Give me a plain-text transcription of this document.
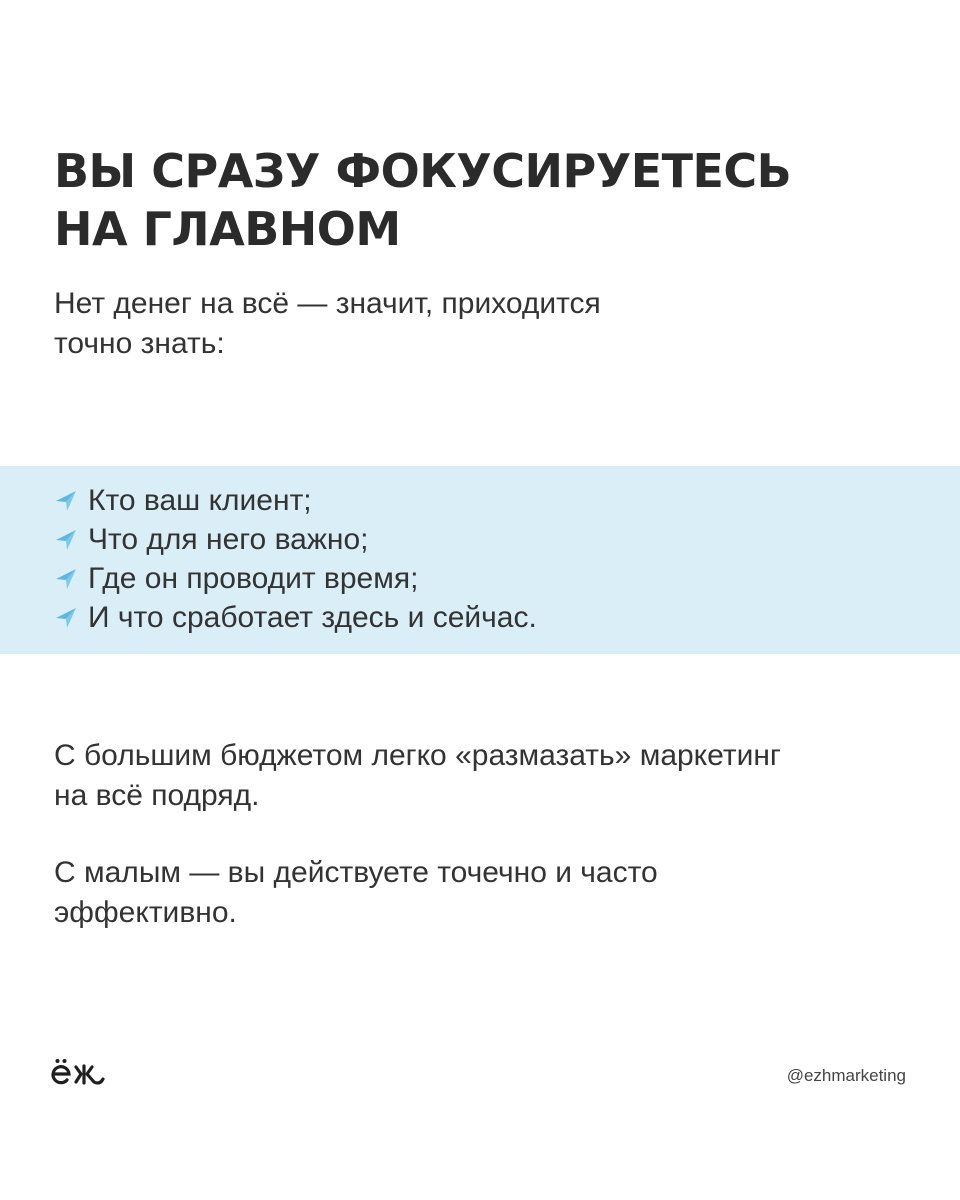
ВЫ СРАЗУ ФОКУСИРУЕТЕСЬ
НА ГЛАВНОМ
Нет денег на всё — значит, приходится
точно знать:
Кто ваш клиент;
Что для него важно;
Где он проводит время;
И что сработает здесь и сейчас.
С большим бюджетом легко «размазать» маркетинг
на всё подряд.
С малым — вы действуете точечно и часто
эффективно.
@ezhmarketing
